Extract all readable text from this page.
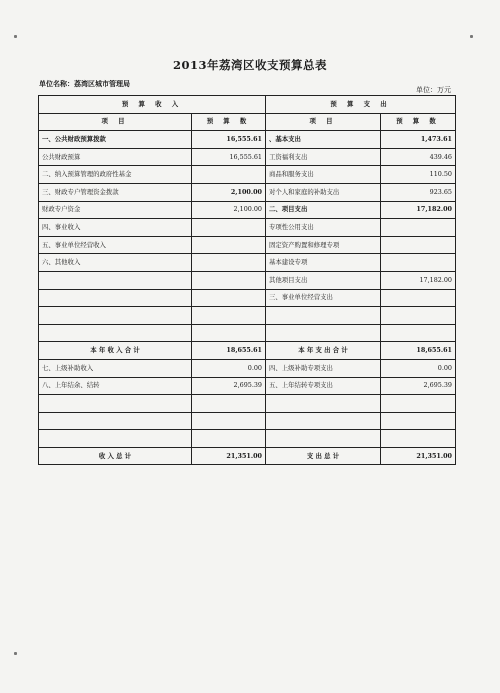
2013年荔湾区收支预算总表
单位名称：荔湾区城市管理局
单位：万元
预 算 收 入		预 算 支 出	
项 目	预 算 数	项 目	预 算 数
一、公共财政预算拨款	16,555.61	、基本支出	1,473.61
公共财政预算	16,555.61	工资福利支出	439.46
二、纳入预算管理的政府性基金		商品和服务支出	110.50
三、财政专户管理资金拨款	2,100.00	对个人和家庭的补助支出	923.65
财政专户资金	2,100.00	二、项目支出	17,182.00
四、事业收入		专项性公用支出	
五、事业单位经营收入		固定资产购置和修理专项	
六、其他收入		基本建设专项	
		其他项目支出	17,182.00
		三、事业单位经营支出	

本 年 收 入 合 计	18,655.61	本 年 支 出 合 计	18,655.61
七、上级补助收入	0.00	四、上级补助专项支出	0.00
八、上年结余、结转	2,695.39	五、上年结转专项支出	2,695.39

收 入 总 计	21,351.00	支 出 总 计	21,351.00
